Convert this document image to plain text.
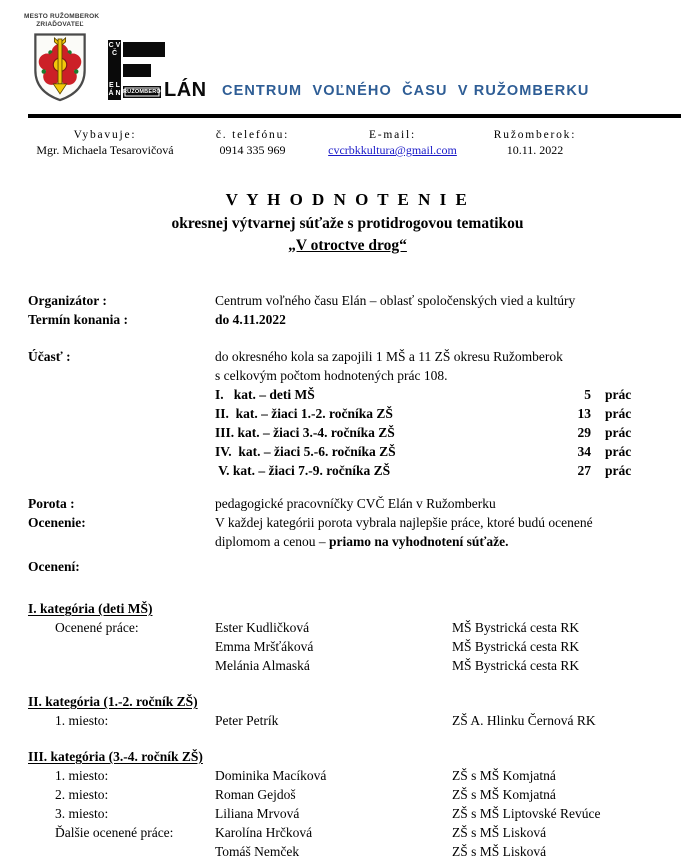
MESTO RUŽOMBEROK
ZRIAĎOVATEĽ
C V Č
E L Á N RUŽOMBEROK
LÁN CENTRUM  VOĽNÉHO  ČASU  V RUŽOMBERKU
Vybavuje:
Mgr. Michaela Tesarovičová
č. telefónu:
0914 335 969
E-mail:
cvcrbkkultura@gmail.com
Ružomberok:
10.11. 2022
V Y H O D N O T E N I E
okresnej výtvarnej súťaže s protidrogovou tematikou
„V otroctve drog“
Organizátor :	Centrum voľného času Elán – oblasť spoločenských vied a kultúry
Termín konania :	do 4.11.2022
Účasť :	do okresného kola sa zapojili 1 MŠ a 11 ZŠ okresu Ružomberok
s celkovým počtom hodnotených prác 108.
I.   kat. – deti MŠ	5 prác
II.  kat. – žiaci 1.-2. ročníka ZŠ	13 prác
III. kat. – žiaci 3.-4. ročníka ZŠ	29 prác
IV.  kat. – žiaci 5.-6. ročníka ZŠ	34 prác
V. kat. – žiaci 7.-9. ročníka ZŠ	27 prác
Porota :	pedagogické pracovníčky CVČ Elán v Ružomberku
Ocenenie:	V každej kategórii porota vybrala najlepšie práce, ktoré budú ocenené
diplomom a cenou – priamo na vyhodnotení súťaže.
Ocenení:
I. kategória (deti MŠ)
Ocenené práce:	Ester Kudličková	MŠ Bystrická cesta RK
Emma Mršťáková	MŠ Bystrická cesta RK
Melánia Almaská	MŠ Bystrická cesta RK
II. kategória (1.-2. ročník ZŠ)
1. miesto:	Peter Petrík	ZŠ A. Hlinku Černová RK
III. kategória (3.-4. ročník ZŠ)
1. miesto:	Dominika Macíková	ZŠ s MŠ Komjatná
2. miesto:	Roman Gejdoš	ZŠ s MŠ Komjatná
3. miesto:	Liliana Mrvová	ZŠ s MŠ Liptovské Revúce
Ďalšie ocenené práce:	Karolína Hrčková	ZŠ s MŠ Lisková
Tomáš Nemček	ZŠ s MŠ Lisková
